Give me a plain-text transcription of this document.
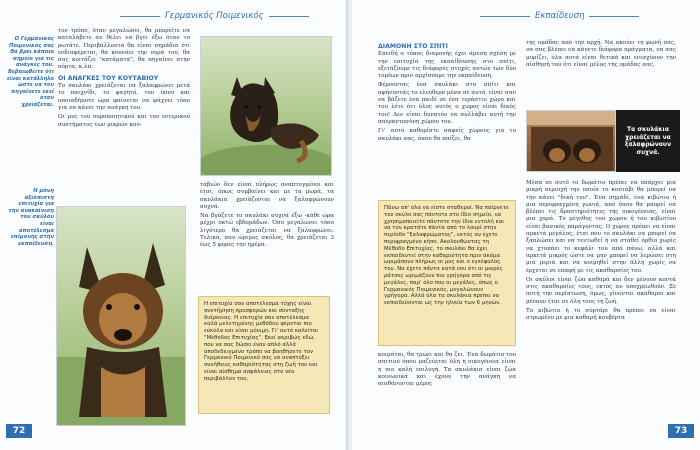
Γερμανικός Ποιμενικός
Ο Γερμανικός Ποιμενικός σας θα βρει κάποιο σημείο για τις ανάγκες του. Βεβαιωθείτε ότι είναι κατάλληλο ώστε να τον πηγαίνετε εκεί όταν χρειάζεται.
Η μόνη αξιόπιστη επιτυχία για την ανακαίνιση του σκύλου είναι αποτέλεσμα επίμονης στην εκπαίδευση.

τον τρόπο, όταν μεγαλώσει, θα μπορείτε να καταλάβετε αν θέλει να βγει έξω όταν το ρωτάτε. Περιβάλλοντα θα είναι σημάδια ότι ενδιαφέρεται, θα κουνάει την ουρά του, θα σας κοιτάζει "κατάματα", θα πηγαίνει στην πόρτα, κ.λπ.

ΟΙ ΑΝΑΓΚΕΣ ΤΟΥ ΚΟΥΤΑΒΙΟΥ

Το σκυλάκι χρειάζεται να ξαλαφρώνει μετά το παιχνίδι, το φαγητό, τον ύπνο και οποιαδήποτε ώρα φαίνεται να ψάχνει τόπο για να κάνει την ανάγκη του.

Οι μυς του ουροποιητικού και του εντερικού συστήματος των μικρών κου-

ταβιών δεν είναι πλήρως αναπτυγμένοι και έτσι, όπως συμβαίνει και με τα μωρά, τα σκυλάκια χρειάζονται να ξαλαφρώνουν συχνά.

Να βγάζετε το σκυλάκι συχνά έξω -κάθε ώρα μέχρι οκτώ εβδομάδων. Όσο μεγαλώνει τόσο λιγότερο θα χρειάζεται να ξαλαφρώνει. Τελικά, σαν ώριμος σκύλος, θα χρειάζεται 3 έως 5 φορές την ημέρα.

Η επιτυχία σαν αποτέλεσμα τύχης είναι συντήρηση προσφορών και σύνταξης διάρκειας. Η επιτυχία σαν αποτέλεσμα καλά μελετημένης μεθόδου φέρεται πιο εύκολα και είναι μόνιμη. Γι' αυτό καλείται "Μέθοδος Επιτυχίας". Εκεί ακριβώς εδώ, που να σας δώσει έναν απλό αλλά αποδεδειγμένο τρόπο να βοηθήσετε τον Γερμανικό Ποιμενικό σας να αναπτύξει συνήθειες καθαριότητας στη ζωή του και είναι αίσθημα ασφάλειας στο νέο περιβάλλον του.
72
Εκπαίδευση
ΔΙΑΜΟΝΗ ΣΤΟ ΣΠΙΤΙ

Επειδή ο τόπος διαμονής έχει άμεση σχέση με την επιτυχία της εκπαίδευσης στο σπίτι, εξετάζουμε τις διάφορες πτυχές αυτών των δύο τομέων πριν αρχίσουμε την εκπαίδευση.

Φέρνοντας ένα σκυλάκι στο σπίτι και αφήνοντάς το ελεύθερο μέσα σε αυτό, είναι σαν να βάζετε ένα παιδί σε ένα τεράστιο χώρο και του λέτε ότι όλος αυτός ο χώρος είναι δικός του! Δεν είναι δυνατόν να συλλάβει αυτή την απεραντοσύνη χώρου του.

Γι' αυτό καθορίστε σαφείς χώρους για το σκυλάκι σας, όπου θα παίζει, θα

Πάνω απ' όλα να είστε σταθεροί. Να παίρνετε τον σκύλο σας πάντοτε στο ίδιο σημείο, να χρησιμοποιείτε πάντοτε την ίδια εντολή και να τον κρατάτε πάντα από το λουρί στην περίοδο "ξαλαφρώματος", εκτός αν έχετε περιφραγμένο κήπο. Ακολουθώντας τη Μέθοδο Επιτυχίας, το σκυλάκι θα έχει εκπαιδευτεί στην καθαριότητα πριν ακόμα ωριμάσουν πλήρως οι μυς και ο εγκέφαλός του. Να έχετε πάντα κατά νου ότι οι μικρές ράτσες ωριμάζουν πιο γρήγορα από τις μεγάλες, παρ' όλο που οι μεγάλες, όπως ο Γερμανικός Ποιμενικός, μεγαλώνουν γρήγορα. Αλλά όλα τα σκυλάκια πρέπει να εκπαιδεύονται ως την ηλικία των 6 μηνών.

κοιμάται, θα τρώει και θα ζει. Ένα δωμάτιο του σπιτιού όπου μαζεύεται όλη η οικογένεια είναι η πιο καλή επιλογή. Τα σκυλάκια είναι ζώα κοινωνικά και έχουν την ανάγκη να αισθάνονται μέρος

της ομάδας από την αρχή. Να ακούει τη φωνή σας, να σας βλέπει να κάνετε διάφορα πράγματα, να σας μυρίζει, όλα αυτά είναι θετικά και ενισχύουν την αίσθησή του ότι είναι μέλος της ομάδας σας.

Τα σκυλάκια χρειάζεται να ξαλαφρώνουν συχνά.

Μέσα σε αυτό το δωμάτιο πρέπει να υπάρχει μια μικρή περιοχή την οποία το κουτάβι θα μπορεί να την κάνει "δική του". Ένα σημάδι, ένα κιβώτιο ή μια περιφραγμένη γωνιά, από όπου θα μπορεί να βλέπει τις δραστηριότητες της οικογένειας, είναι μια χαρά. Το μέγεθος του χώρου ή του κιβωτίου είναι βασικός παράγοντας. Ο χώρος πρέπει να είναι αρκετά μεγάλος, έτσι που το σκυλάκι να μπορεί να ξαπλώσει και να τεντωθεί ή να σταθεί όρθιο χωρίς να χτυπάει το κεφάλι του από πάνω, αλλά και αρκετά μικρός ώστε να μην μπορεί να λερώσει στη μια μεριά και να κοιμηθεί στην άλλη χωρίς να έρχεται σε επαφή με τις ακαθαρσίες του.

Οι σκύλοι είναι ζώα καθαρά και δεν μένουν κοντά στις ακαθαρσίες τους, εκτός αν υποχρεωθούν. Σε αυτή την περίπτωση, όμως, γίνονται ακάθαροι και μένουν έτσι σε όλη τους τη ζωή.

Το κιβώτιο ή το σύρτάρι θα πρέπει να είναι στρωμένο με μια καθαρή κουβέρτα

73
